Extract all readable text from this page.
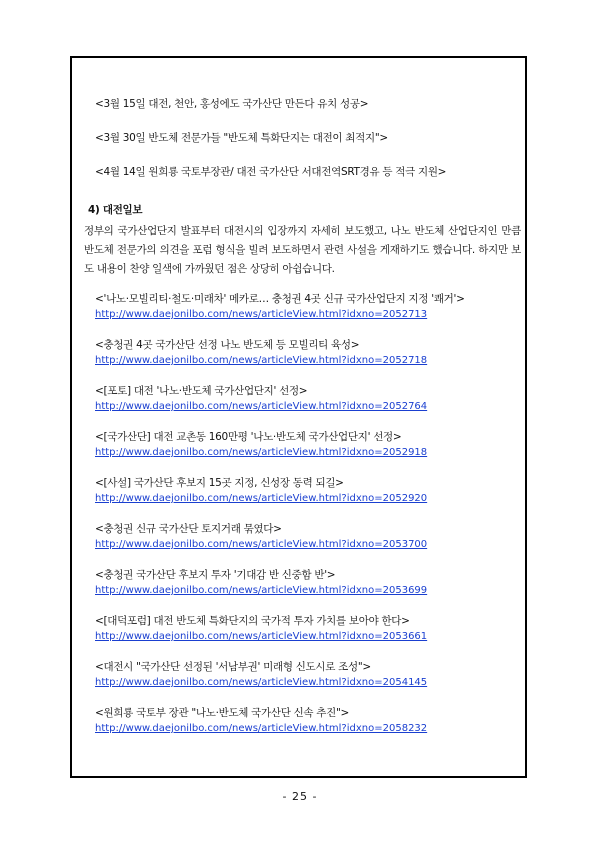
<3월 15일 대전, 천안, 홍성에도 국가산단 만든다 유치 성공>
<3월 30일 반도체 전문가들 "반도체 특화단지는 대전이 최적지">
<4월 14일 원희룡 국토부장관/ 대전 국가산단 서대전역SRT경유 등 적극 지원>
4) 대전일보

정부의 국가산업단지 발표부터 대전시의 입장까지 자세히 보도했고, 나노 반도체 산업단지인 만큼 반도체 전문가의 의견을 포럼 형식을 빌려 보도하면서 관련 사설을 게재하기도 했습니다. 하지만 보도 내용이 찬양 일색에 가까웠던 점은 상당히 아쉽습니다.

<'나노·모빌리티·철도·미래차' 메카로… 충청권 4곳 신규 국가산업단지 지정 '쾌거'>
http://www.daejonilbo.com/news/articleView.html?idxno=2052713
<충청권 4곳 국가산단 선정 나노 반도체 등 모빌리티 육성>
http://www.daejonilbo.com/news/articleView.html?idxno=2052718
<[포토] 대전 '나노·반도체 국가산업단지' 선정>
http://www.daejonilbo.com/news/articleView.html?idxno=2052764
<[국가산단] 대전 교촌동 160만평 '나노·반도체 국가산업단지' 선정>
http://www.daejonilbo.com/news/articleView.html?idxno=2052918
<[사설] 국가산단 후보지 15곳 지정, 신성장 동력 되길>
http://www.daejonilbo.com/news/articleView.html?idxno=2052920
<충청권 신규 국가산단 토지거래 묶였다>
http://www.daejonilbo.com/news/articleView.html?idxno=2053700
<충청권 국가산단 후보지 투자 '기대감 반 신중함 반'>
http://www.daejonilbo.com/news/articleView.html?idxno=2053699
<[대덕포럼] 대전 반도체 특화단지의 국가적 투자 가치를 보아야 한다>
http://www.daejonilbo.com/news/articleView.html?idxno=2053661
<대전시 "국가산단 선정된 '서남부권' 미래형 신도시로 조성">
http://www.daejonilbo.com/news/articleView.html?idxno=2054145
<원희룡 국토부 장관 "나노·반도체 국가산단 신속 추진">
http://www.daejonilbo.com/news/articleView.html?idxno=2058232
- 25 -
